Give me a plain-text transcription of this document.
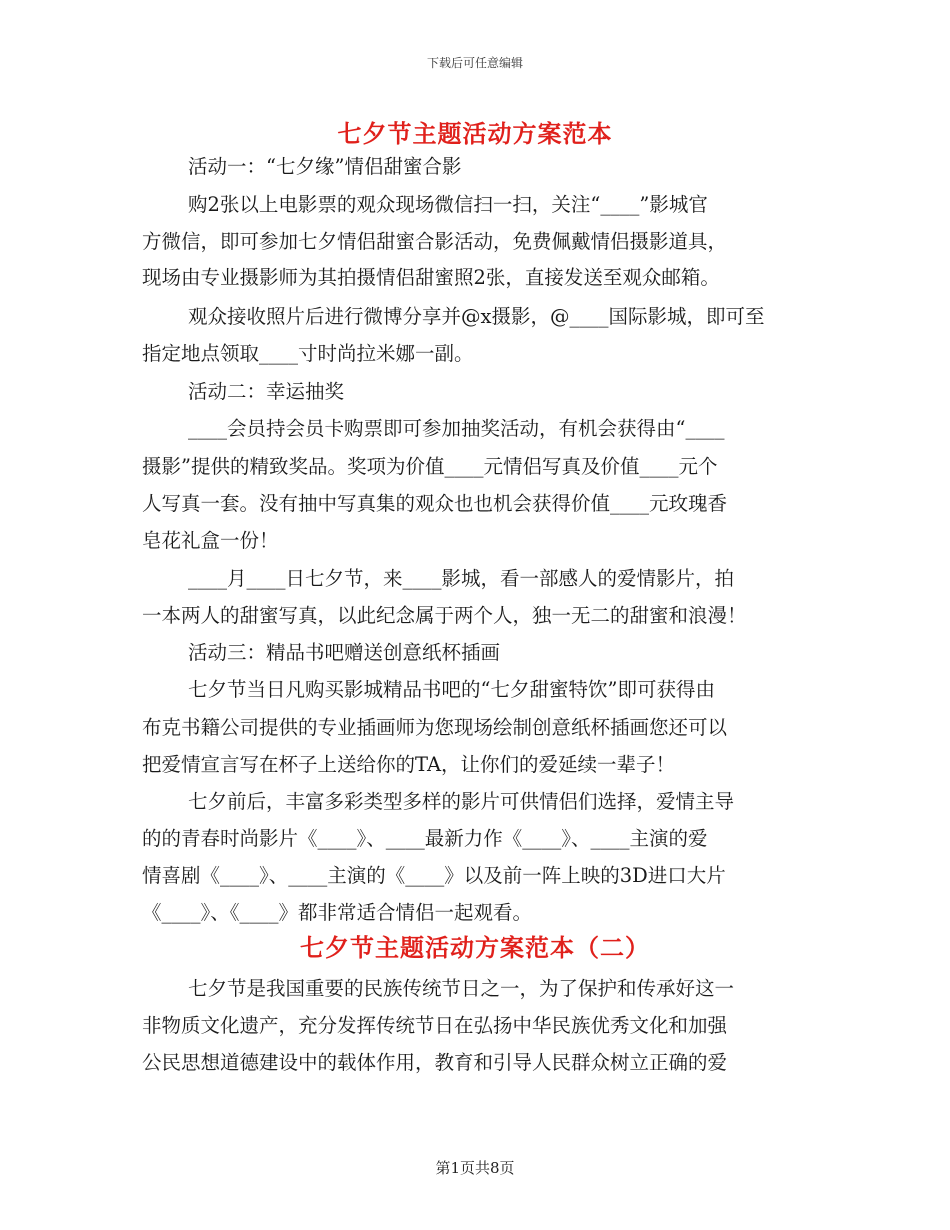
下载后可任意编辑
七夕节主题活动方案范本
活动一：“七夕缘”情侣甜蜜合影
购2张以上电影票的观众现场微信扫一扫，关注“____”影城官
方微信，即可参加七夕情侣甜蜜合影活动，免费佩戴情侣摄影道具，
现场由专业摄影师为其拍摄情侣甜蜜照2张，直接发送至观众邮箱。
观众接收照片后进行微博分享并@x摄影，@____国际影城，即可至
指定地点领取____寸时尚拉米娜一副。
活动二：幸运抽奖
____会员持会员卡购票即可参加抽奖活动，有机会获得由“____
摄影”提供的精致奖品。奖项为价值____元情侣写真及价值____元个
人写真一套。没有抽中写真集的观众也也机会获得价值____元玫瑰香
皂花礼盒一份！
____月____日七夕节，来____影城，看一部感人的爱情影片，拍
一本两人的甜蜜写真，以此纪念属于两个人，独一无二的甜蜜和浪漫！
活动三：精品书吧赠送创意纸杯插画
七夕节当日凡购买影城精品书吧的“七夕甜蜜特饮”即可获得由
布克书籍公司提供的专业插画师为您现场绘制创意纸杯插画您还可以
把爱情宣言写在杯子上送给你的TA，让你们的爱延续一辈子！
七夕前后，丰富多彩类型多样的影片可供情侣们选择，爱情主导
的的青春时尚影片《____》、____最新力作《____》、____主演的爱
情喜剧《____》、____主演的《____》以及前一阵上映的3D进口大片
《____》、《____》都非常适合情侣一起观看。
七夕节主题活动方案范本（二）
七夕节是我国重要的民族传统节日之一，为了保护和传承好这一
非物质文化遗产，充分发挥传统节日在弘扬中华民族优秀文化和加强
公民思想道德建设中的载体作用，教育和引导人民群众树立正确的爱
第1页共8页
